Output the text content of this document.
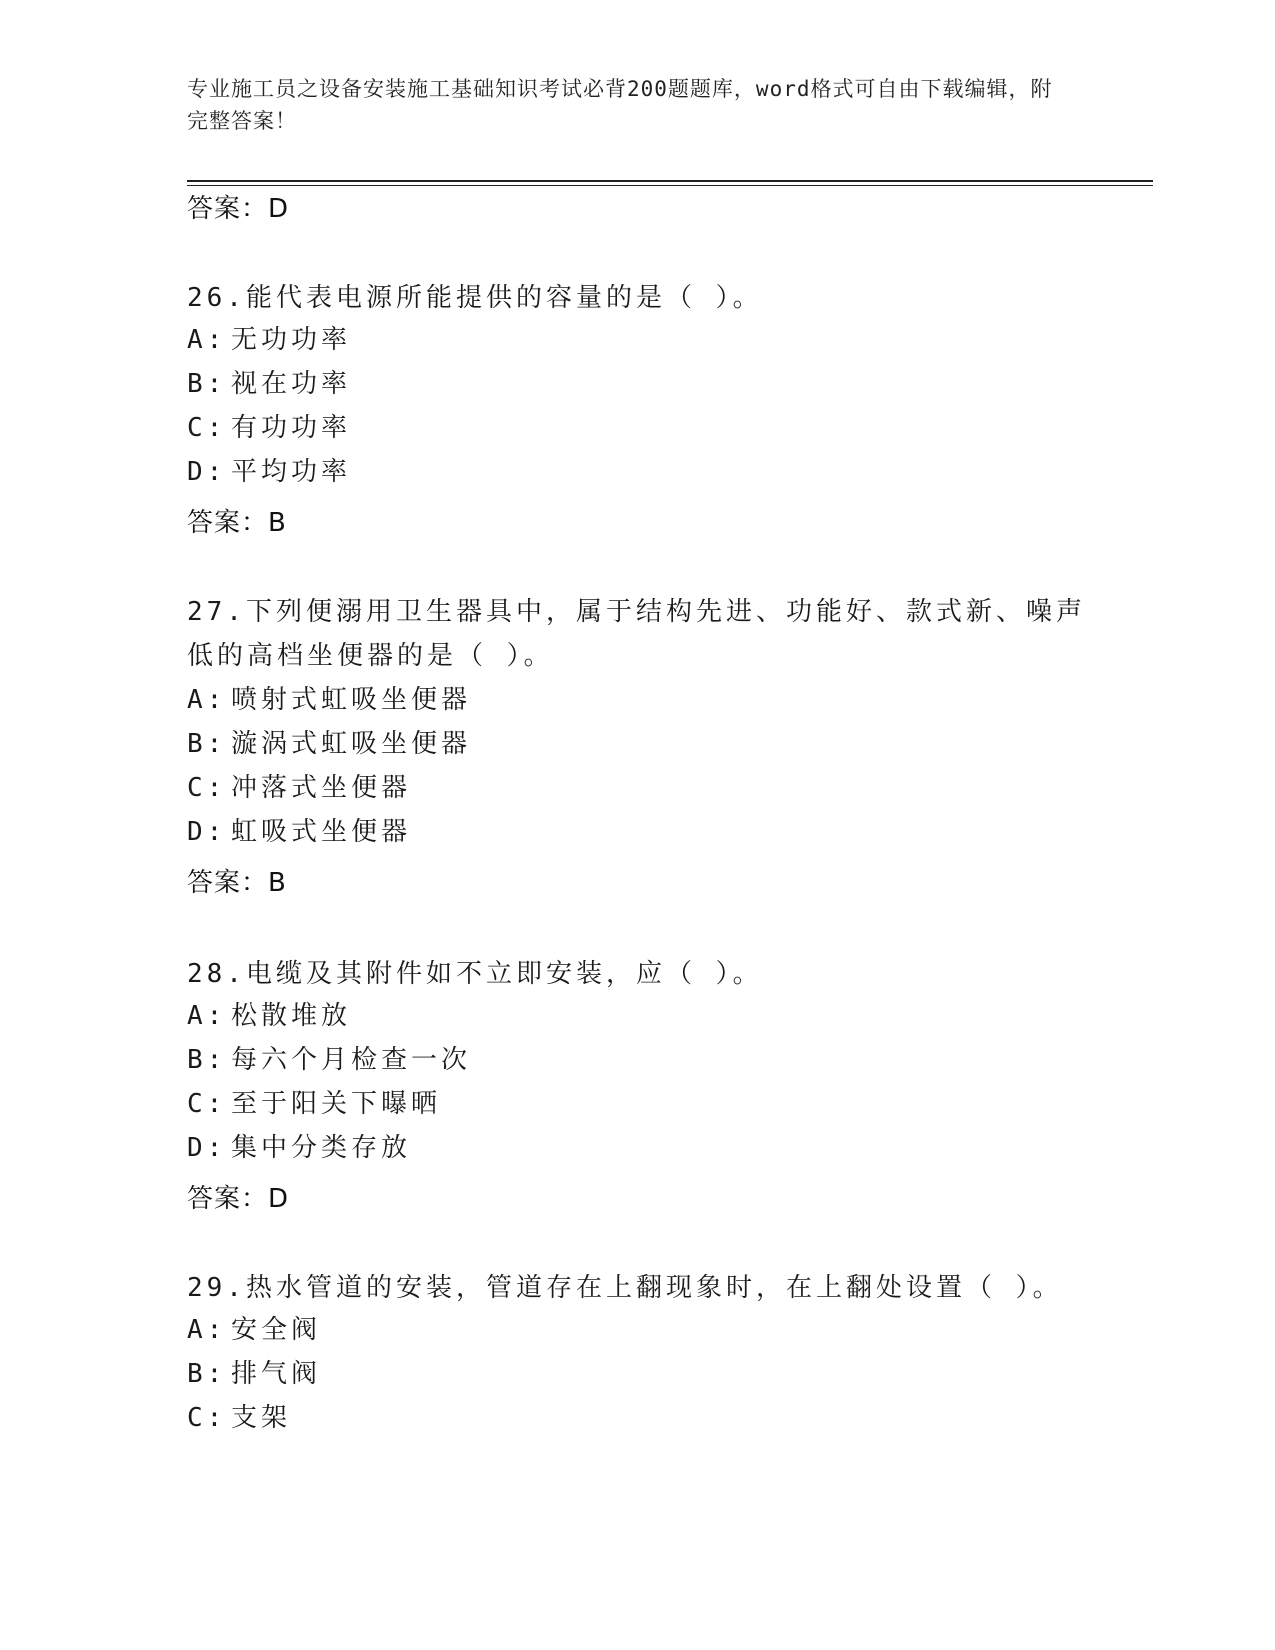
专业施工员之设备安装施工基础知识考试必背200题题库，word格式可自由下载编辑，附完整答案！
答案：D
26.能代表电源所能提供的容量的是（ ）。
A: 无功功率
B: 视在功率
C: 有功功率
D: 平均功率
答案：B
27.下列便溺用卫生器具中，属于结构先进、功能好、款式新、噪声低的高档坐便器的是（ ）。
A: 喷射式虹吸坐便器
B: 漩涡式虹吸坐便器
C: 冲落式坐便器
D: 虹吸式坐便器
答案：B
28.电缆及其附件如不立即安装，应（ ）。
A: 松散堆放
B: 每六个月检查一次
C: 至于阳关下曝晒
D: 集中分类存放
答案：D
29.热水管道的安装，管道存在上翻现象时，在上翻处设置（ ）。
A: 安全阀
B: 排气阀
C: 支架
